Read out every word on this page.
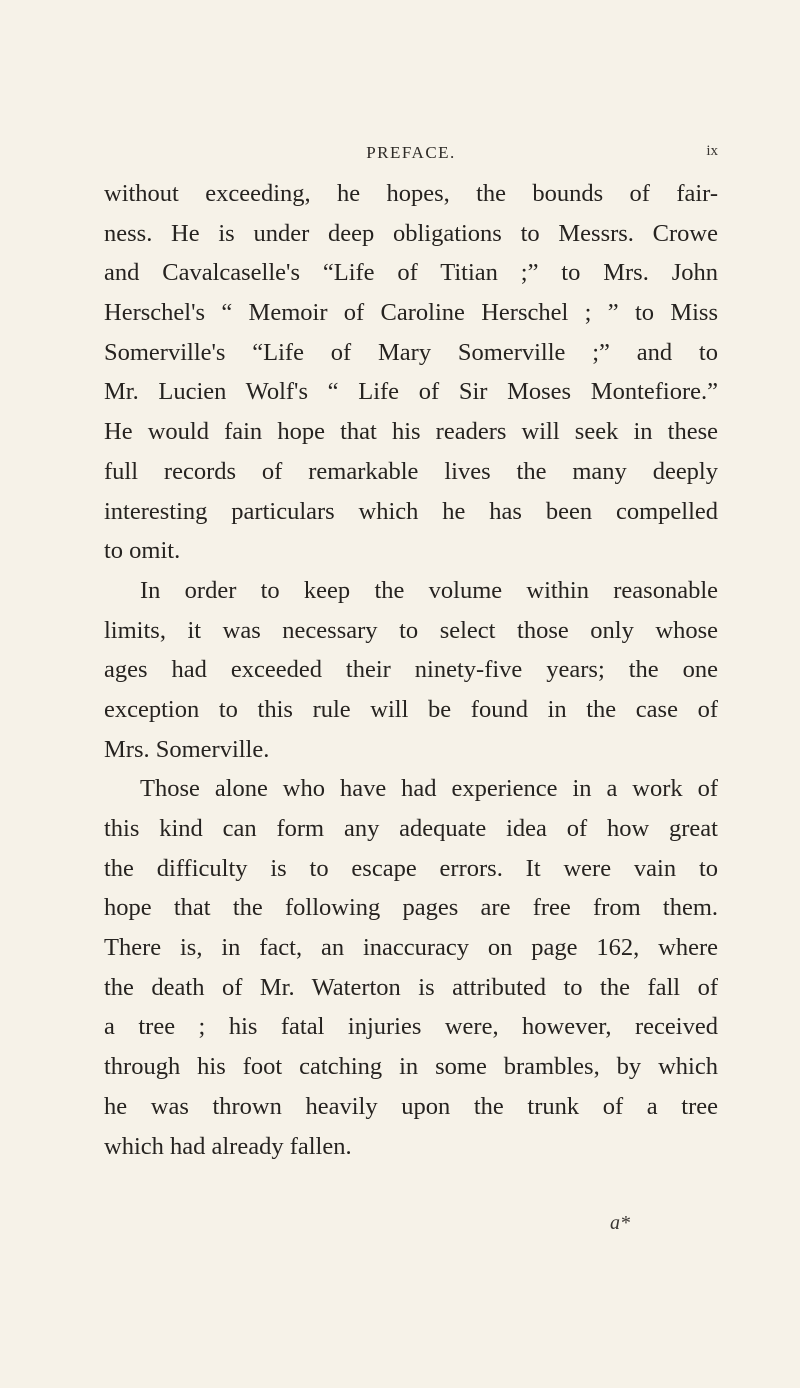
PREFACE.	ix
without exceeding, he hopes, the bounds of fair-
ness. He is under deep obligations to Messrs. Crowe
and Cavalcaselle's “Life of Titian ;” to Mrs. John
Herschel's “ Memoir of Caroline Herschel ; ” to Miss
Somerville's “Life of Mary Somerville ;” and to
Mr. Lucien Wolf's “ Life of Sir Moses Montefiore.”
He would fain hope that his readers will seek in these
full records of remarkable lives the many deeply
interesting particulars which he has been compelled
to omit.
In order to keep the volume within reasonable
limits, it was necessary to select those only whose
ages had exceeded their ninety-five years; the one
exception to this rule will be found in the case of
Mrs. Somerville.
Those alone who have had experience in a work of
this kind can form any adequate idea of how great
the difficulty is to escape errors. It were vain to
hope that the following pages are free from them.
There is, in fact, an inaccuracy on page 162, where
the death of Mr. Waterton is attributed to the fall of
a tree ; his fatal injuries were, however, received
through his foot catching in some brambles, by which
he was thrown heavily upon the trunk of a tree
which had already fallen.
a*
